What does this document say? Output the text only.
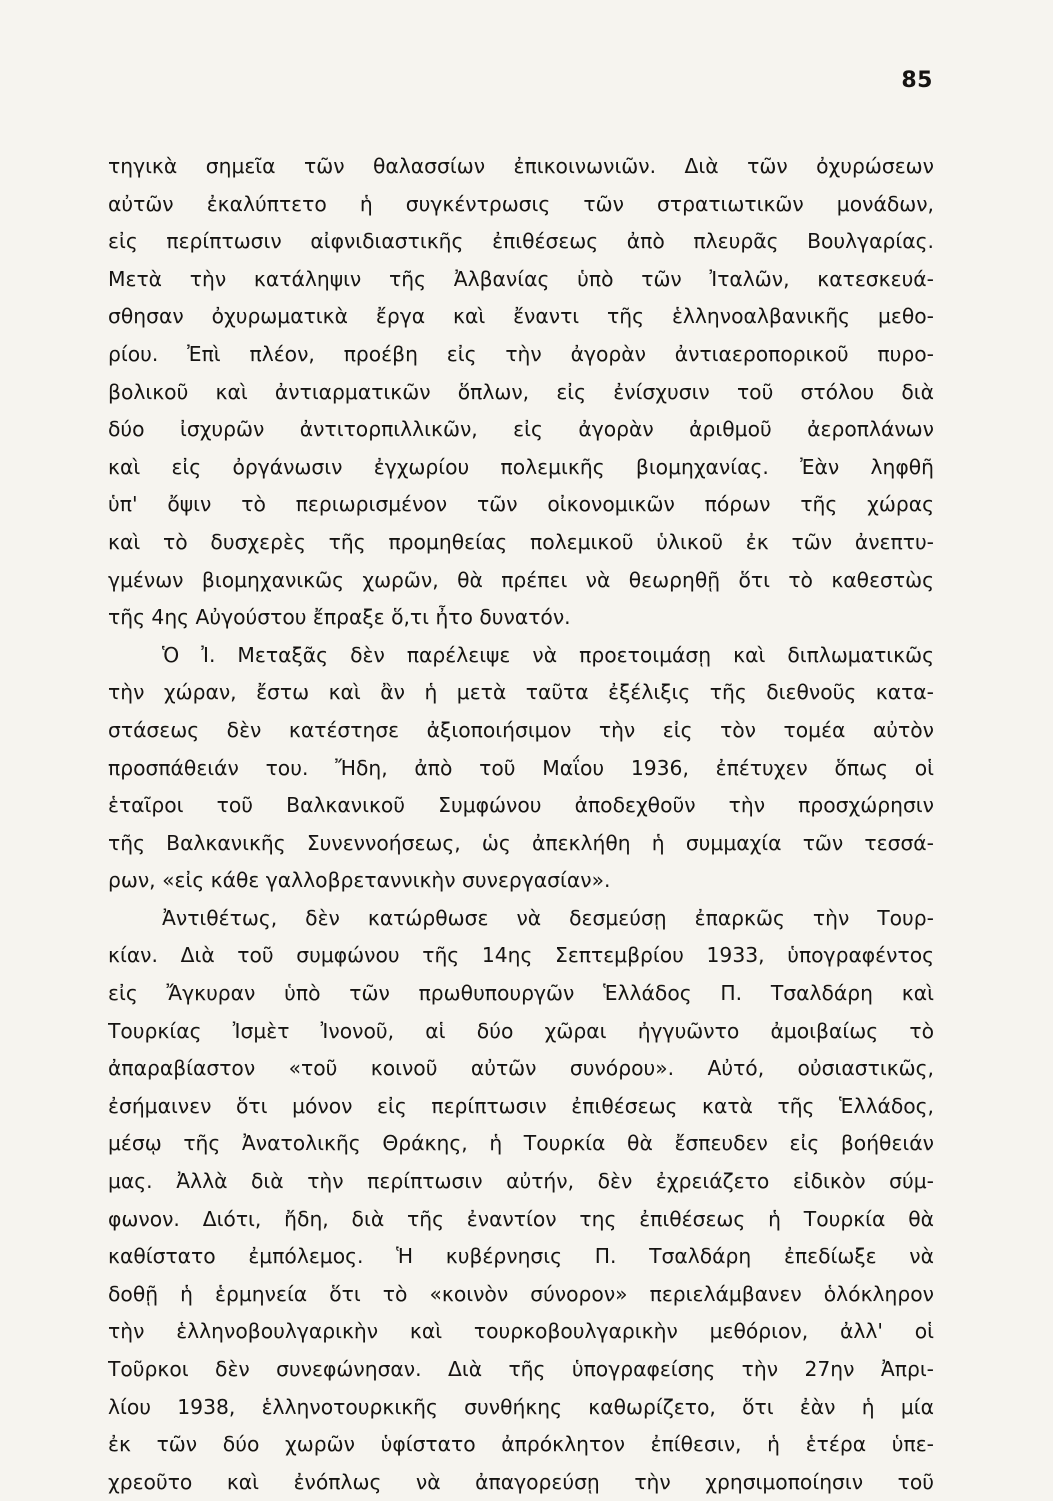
85
τηγικὰ σημεῖα τῶν θαλασσίων ἐπικοινωνιῶν. Διὰ τῶν ὀχυρώσεων
αὐτῶν ἐκαλύπτετο ἡ συγκέντρωσις τῶν στρατιωτικῶν μονάδων,
εἰς περίπτωσιν αἰφνιδιαστικῆς ἐπιθέσεως ἀπὸ πλευρᾶς Βουλγαρίας.
Μετὰ τὴν κατάληψιν τῆς Ἀλβανίας ὑπὸ τῶν Ἰταλῶν, κατεσκευά-
σθησαν ὀχυρωματικὰ ἔργα καὶ ἔναντι τῆς ἑλληνοαλβανικῆς μεθο-
ρίου. Ἐπὶ πλέον, προέβη εἰς τὴν ἀγορὰν ἀντιαεροπορικοῦ πυρο-
βολικοῦ καὶ ἀντιαρματικῶν ὅπλων, εἰς ἐνίσχυσιν τοῦ στόλου διὰ
δύο ἰσχυρῶν ἀντιτορπιλλικῶν, εἰς ἀγορὰν ἀριθμοῦ ἀεροπλάνων
καὶ εἰς ὀργάνωσιν ἐγχωρίου πολεμικῆς βιομηχανίας. Ἐὰν ληφθῆ
ὑπ' ὄψιν τὸ περιωρισμένον τῶν οἰκονομικῶν πόρων τῆς χώρας
καὶ τὸ δυσχερὲς τῆς προμηθείας πολεμικοῦ ὑλικοῦ ἐκ τῶν ἀνεπτυ-
γμένων βιομηχανικῶς χωρῶν, θὰ πρέπει νὰ θεωρηθῇ ὅτι τὸ καθεστὼς
τῆς 4ης Αὐγούστου ἔπραξε ὅ,τι ἦτο δυνατόν.
Ὁ Ἰ. Μεταξᾶς δὲν παρέλειψε νὰ προετοιμάσῃ καὶ διπλωματικῶς
τὴν χώραν, ἔστω καὶ ἂν ἡ μετὰ ταῦτα ἐξέλιξις τῆς διεθνοῦς κατα-
στάσεως δὲν κατέστησε ἀξιοποιήσιμον τὴν εἰς τὸν τομέα αὐτὸν
προσπάθειάν του. Ἤδη, ἀπὸ τοῦ Μαΐου 1936, ἐπέτυχεν ὅπως οἱ
ἑταῖροι τοῦ Βαλκανικοῦ Συμφώνου ἀποδεχθοῦν τὴν προσχώρησιν
τῆς Βαλκανικῆς Συνεννοήσεως, ὡς ἀπεκλήθη ἡ συμμαχία τῶν τεσσά-
ρων, «εἰς κάθε γαλλοβρεταννικὴν συνεργασίαν».
Ἀντιθέτως, δὲν κατώρθωσε νὰ δεσμεύσῃ ἐπαρκῶς τὴν Τουρ-
κίαν. Διὰ τοῦ συμφώνου τῆς 14ης Σεπτεμβρίου 1933, ὑπογραφέντος
εἰς Ἄγκυραν ὑπὸ τῶν πρωθυπουργῶν Ἑλλάδος Π. Τσαλδάρη καὶ
Τουρκίας Ἰσμὲτ Ἰνονοῦ, αἱ δύο χῶραι ἠγγυῶντο ἀμοιβαίως τὸ
ἀπαραβίαστον «τοῦ κοινοῦ αὐτῶν συνόρου». Αὐτό, οὐσιαστικῶς,
ἐσήμαινεν ὅτι μόνον εἰς περίπτωσιν ἐπιθέσεως κατὰ τῆς Ἑλλάδος,
μέσῳ τῆς Ἀνατολικῆς Θράκης, ἡ Τουρκία θὰ ἔσπευδεν εἰς βοήθειάν
μας. Ἀλλὰ διὰ τὴν περίπτωσιν αὐτήν, δὲν ἐχρειάζετο εἰδικὸν σύμ-
φωνον. Διότι, ἤδη, διὰ τῆς ἐναντίον της ἐπιθέσεως ἡ Τουρκία θὰ
καθίστατο ἐμπόλεμος. Ἡ κυβέρνησις Π. Τσαλδάρη ἐπεδίωξε νὰ
δοθῇ ἡ ἑρμηνεία ὅτι τὸ «κοινὸν σύνορον» περιελάμβανεν ὁλόκληρον
τὴν ἑλληνοβουλγαρικὴν καὶ τουρκοβουλγαρικὴν μεθόριον, ἀλλ' οἱ
Τοῦρκοι δὲν συνεφώνησαν. Διὰ τῆς ὑπογραφείσης τὴν 27ην Ἀπρι-
λίου 1938, ἑλληνοτουρκικῆς συνθήκης καθωρίζετο, ὅτι ἐὰν ἡ μία
ἐκ τῶν δύο χωρῶν ὑφίστατο ἀπρόκλητον ἐπίθεσιν, ἡ ἑτέρα ὑπε-
χρεοῦτο καὶ ἐνόπλως νὰ ἀπαγορεύσῃ τὴν χρησιμοποίησιν τοῦ
